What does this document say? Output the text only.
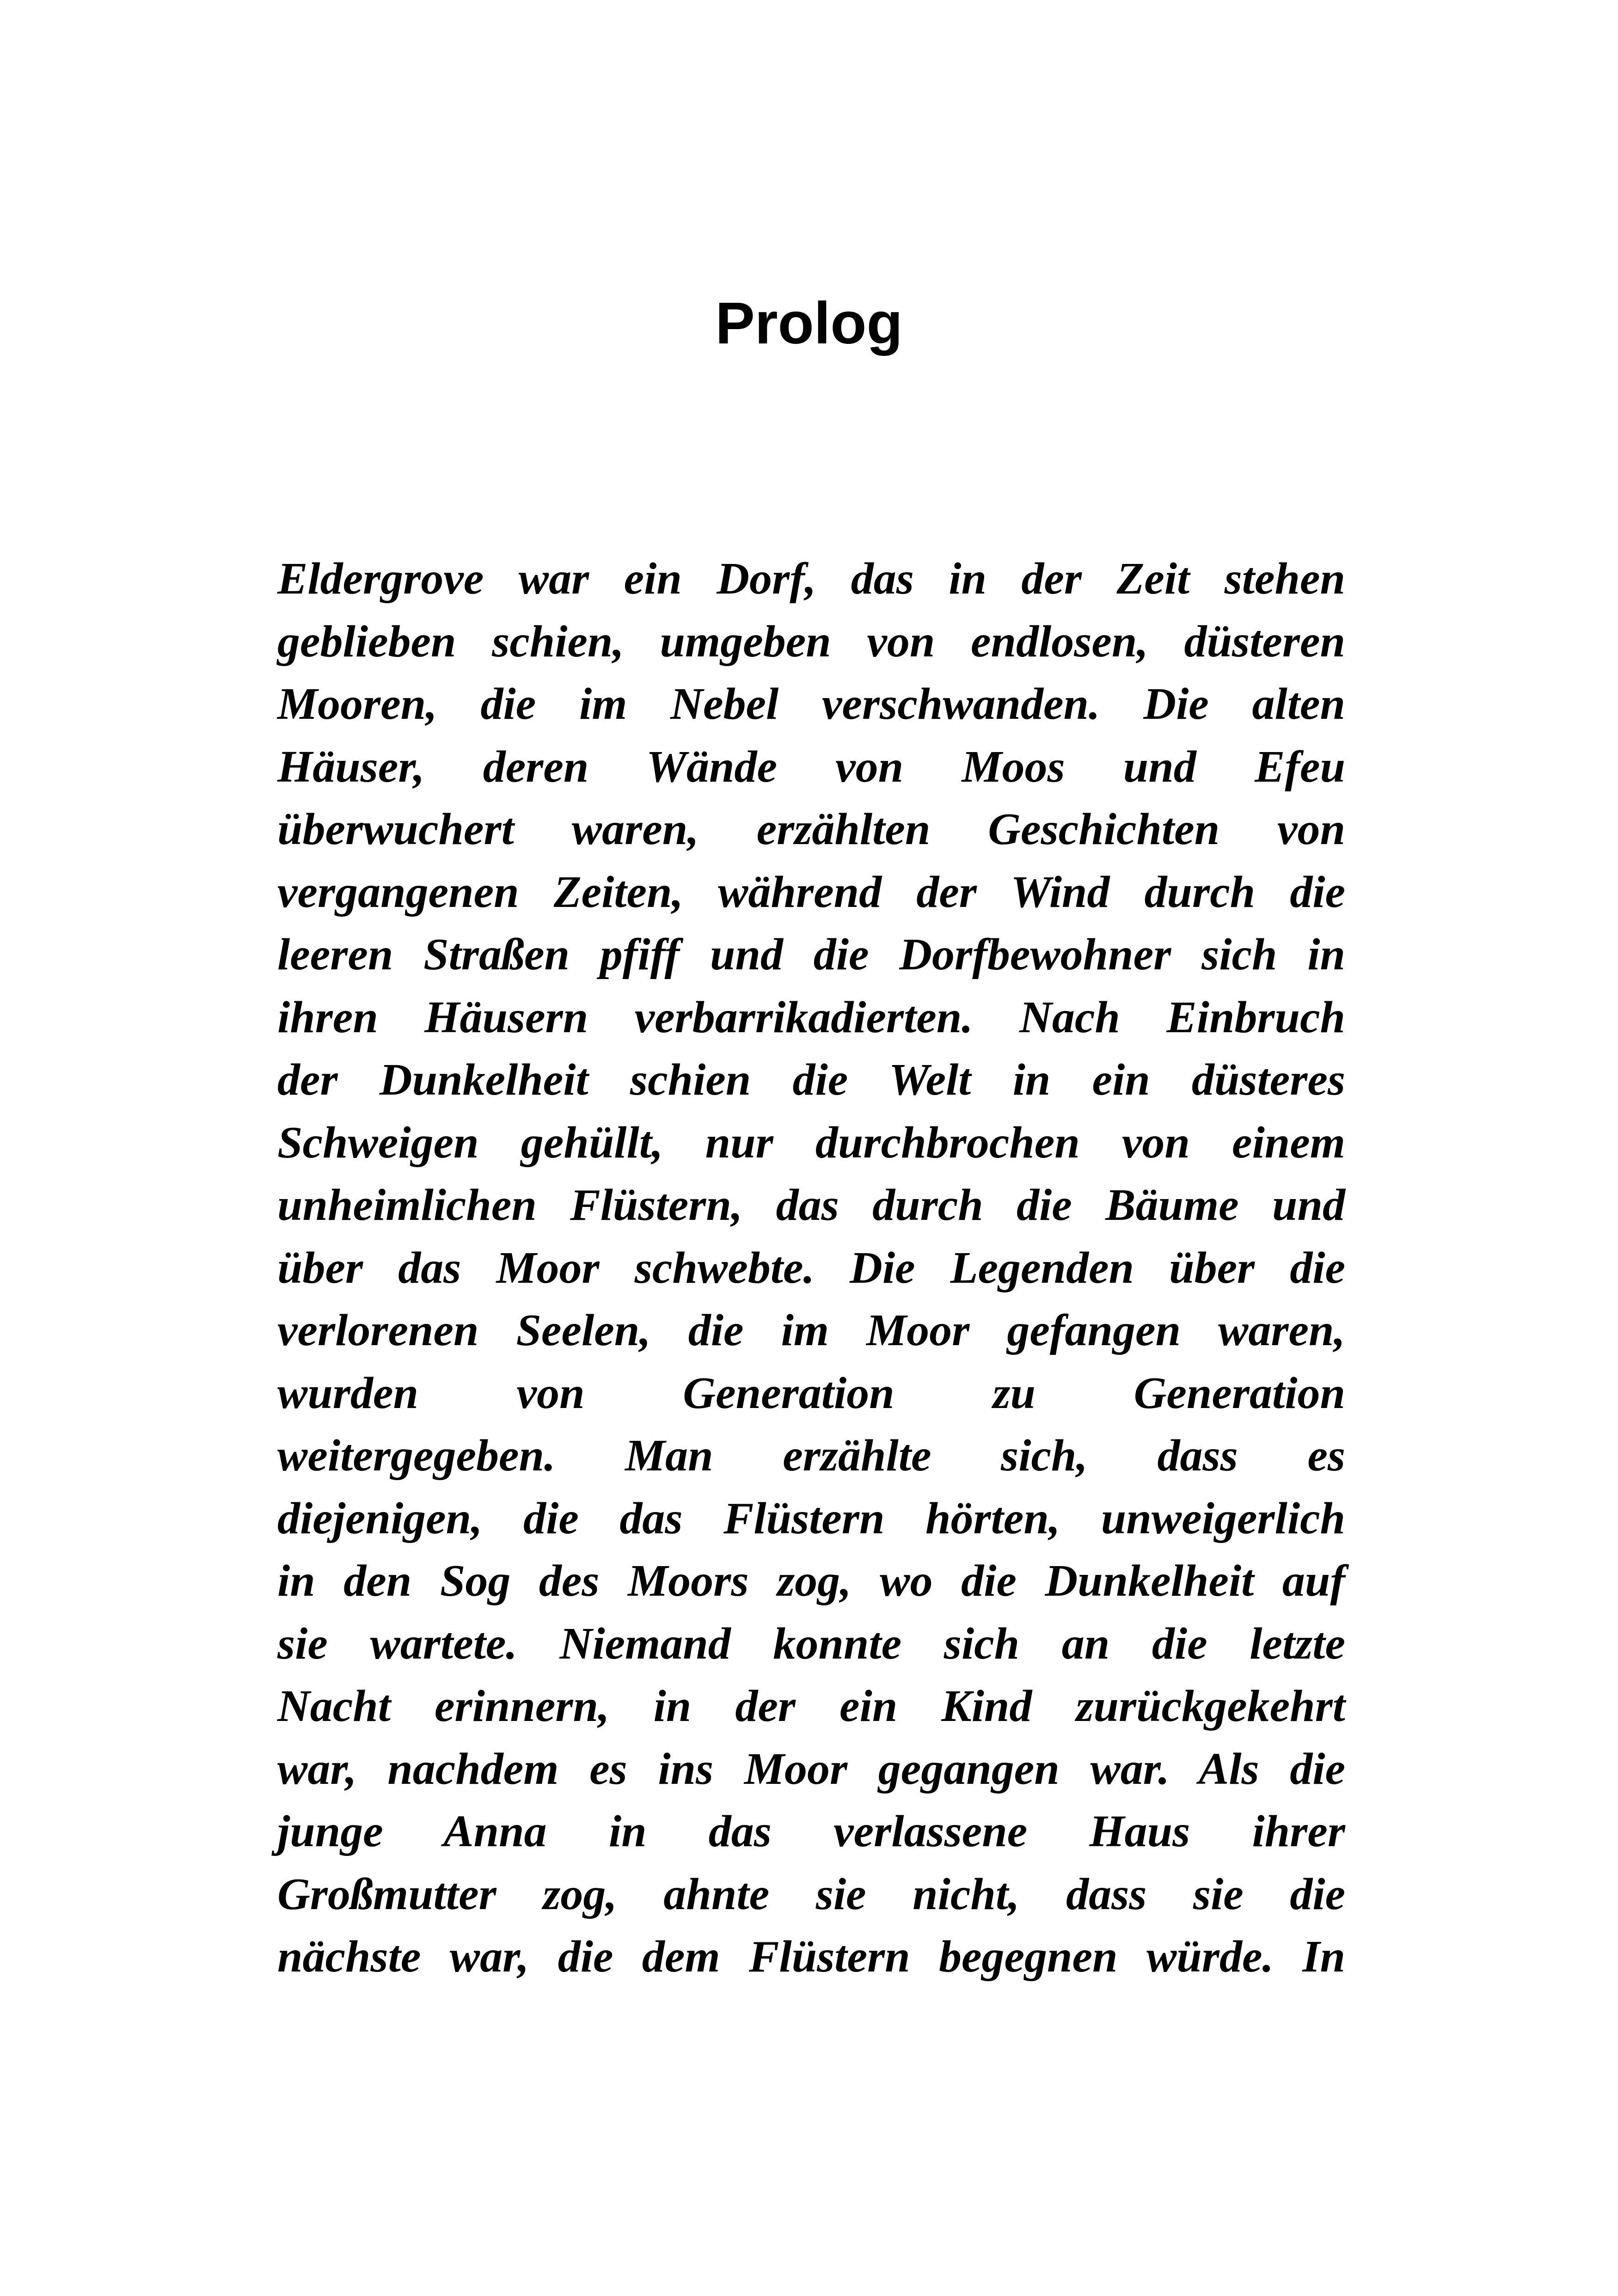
Prolog
Eldergrove war ein Dorf, das in der Zeit stehen
geblieben schien, umgeben von endlosen, düsteren
Mooren, die im Nebel verschwanden. Die alten
Häuser, deren Wände von Moos und Efeu
überwuchert waren, erzählten Geschichten von
vergangenen Zeiten, während der Wind durch die
leeren Straßen pfiff und die Dorfbewohner sich in
ihren Häusern verbarrikadierten. Nach Einbruch
der Dunkelheit schien die Welt in ein düsteres
Schweigen gehüllt, nur durchbrochen von einem
unheimlichen Flüstern, das durch die Bäume und
über das Moor schwebte. Die Legenden über die
verlorenen Seelen, die im Moor gefangen waren,
wurden von Generation zu Generation
weitergegeben. Man erzählte sich, dass es
diejenigen, die das Flüstern hörten, unweigerlich
in den Sog des Moors zog, wo die Dunkelheit auf
sie wartete. Niemand konnte sich an die letzte
Nacht erinnern, in der ein Kind zurückgekehrt
war, nachdem es ins Moor gegangen war. Als die
junge Anna in das verlassene Haus ihrer
Großmutter zog, ahnte sie nicht, dass sie die
nächste war, die dem Flüstern begegnen würde. In
